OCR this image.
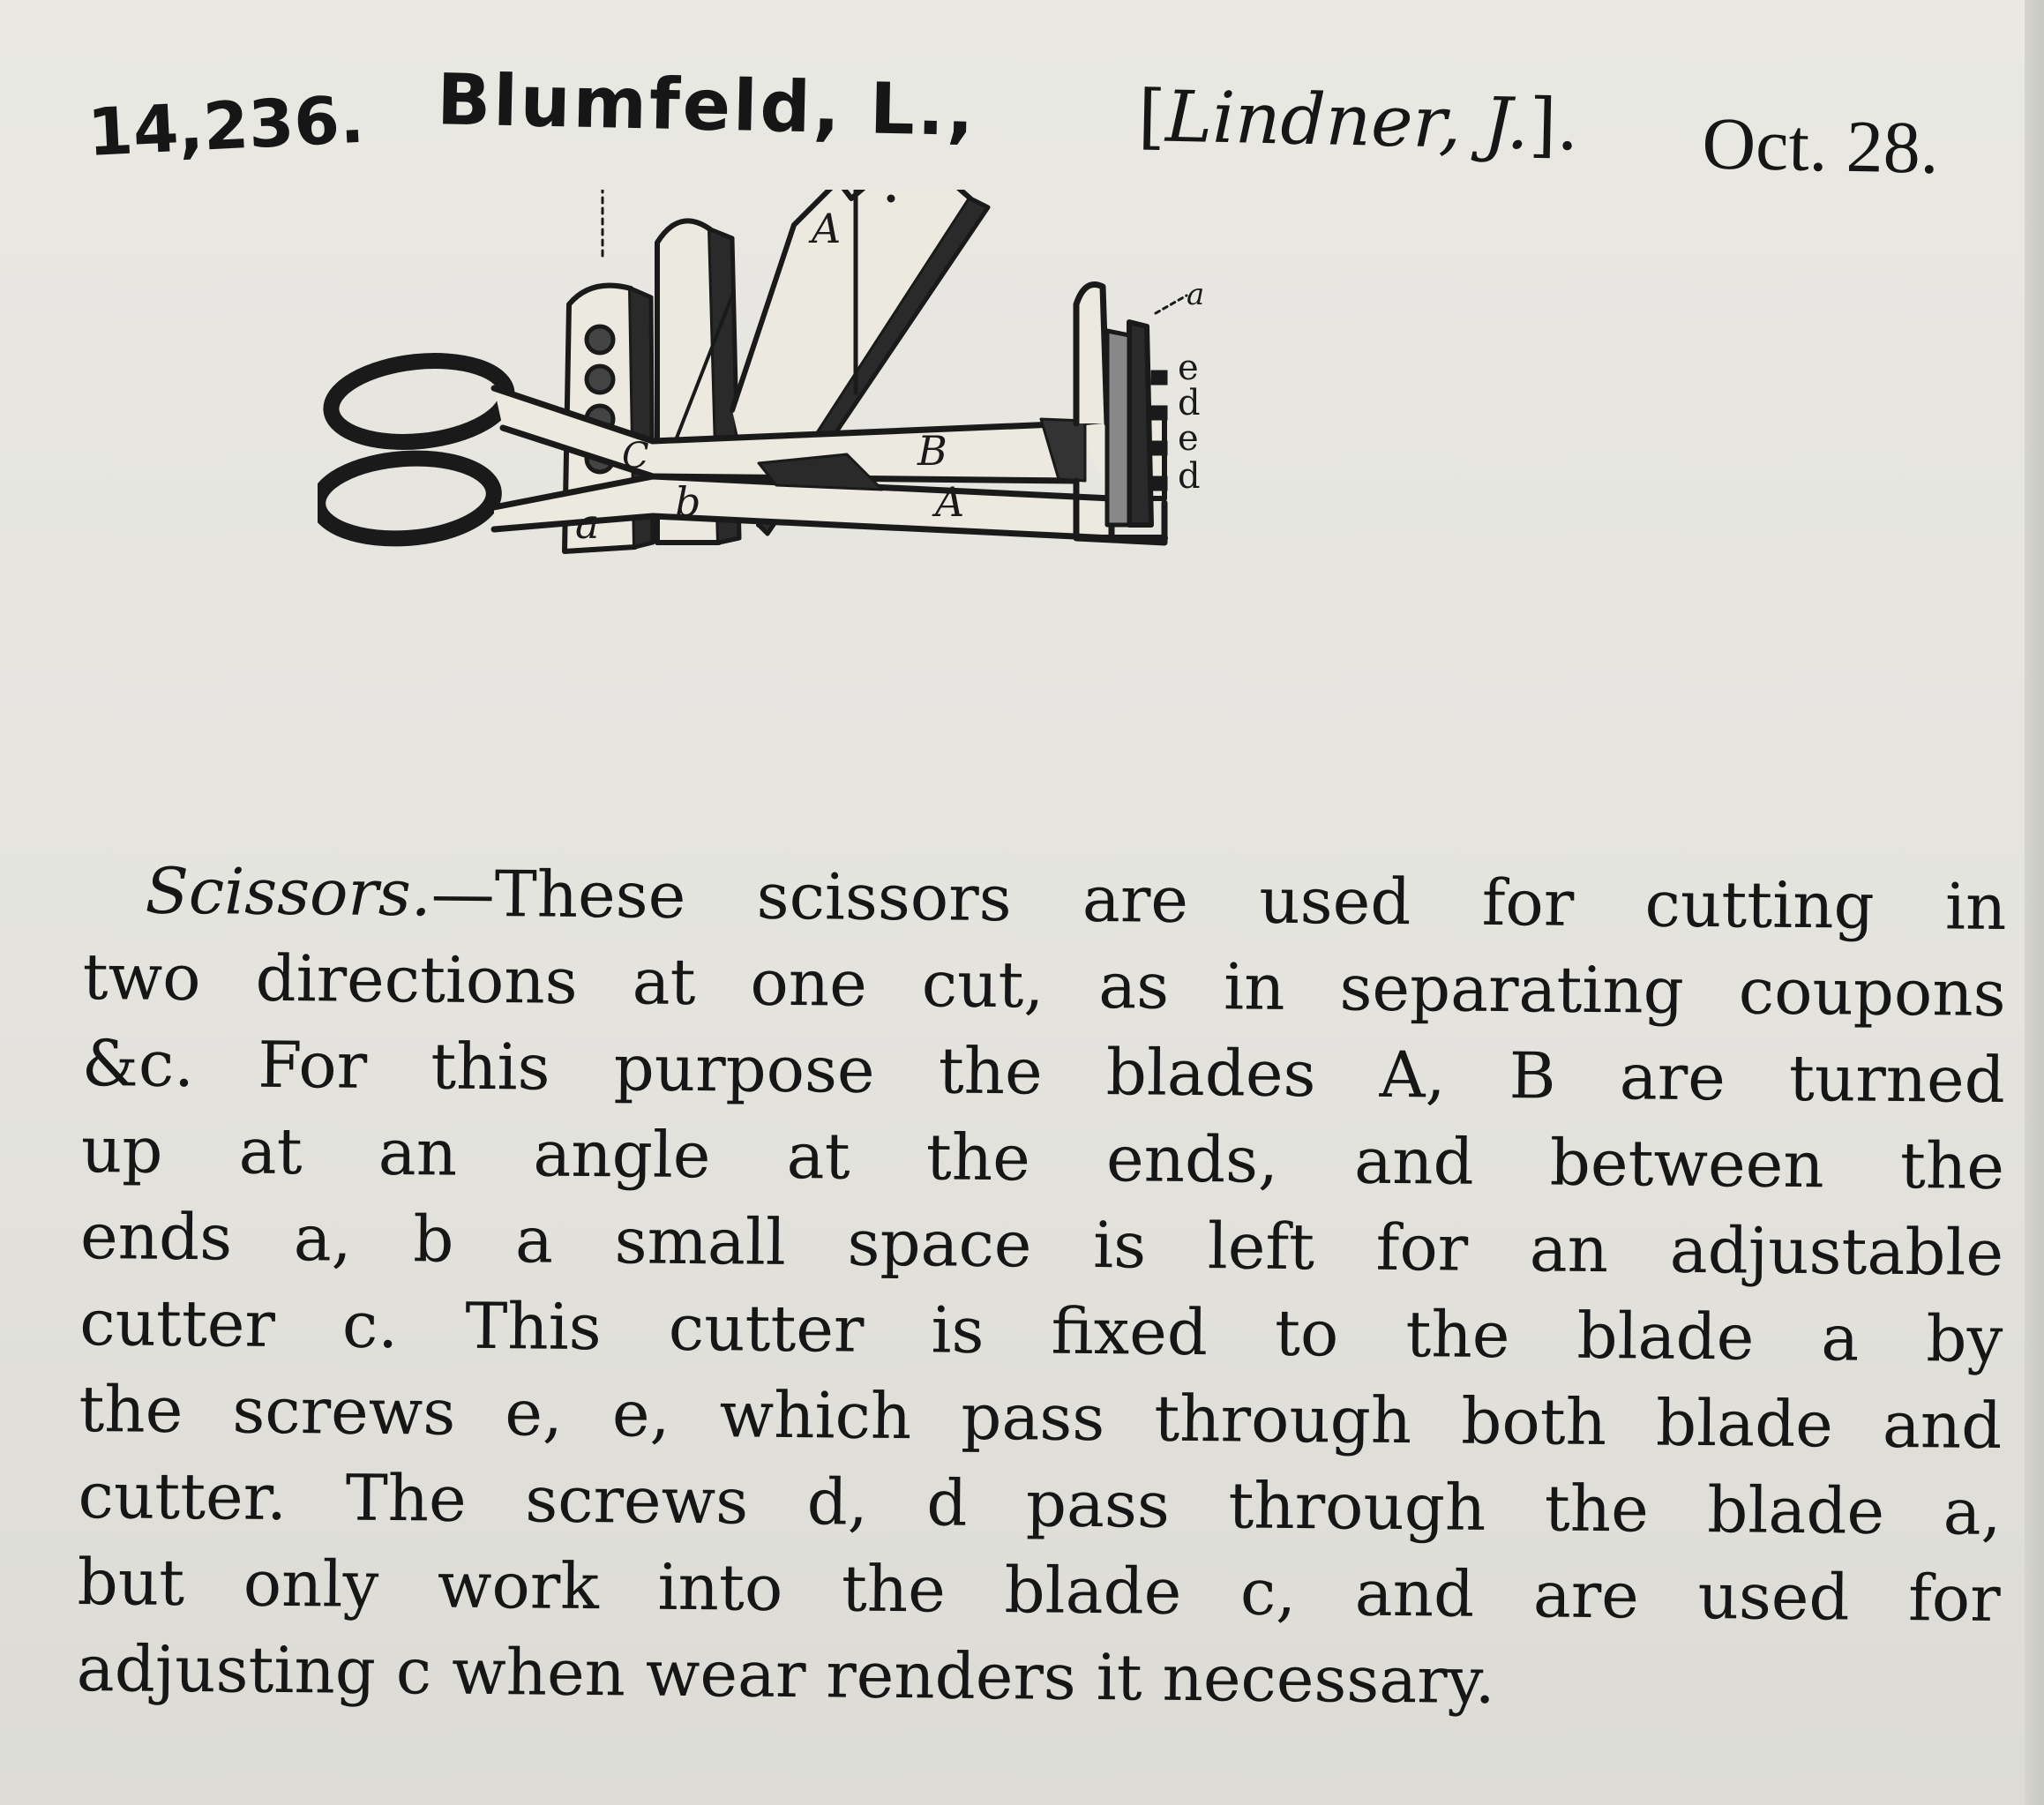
14,236. Blumfeld, L., [Lindner, J.]. Oct. 28.
A
a b
C	B
A
a
e
d
e
d
Scissors.—These scissors are used for cutting in
two directions at one cut, as in separating coupons
&c. For this purpose the blades A, B are turned
up at an angle at the ends, and between the
ends a, b a small space is left for an adjustable
cutter c. This cutter is fixed to the blade a by
the screws e, e, which pass through both blade and
cutter. The screws d, d pass through the blade a,
but only work into the blade c, and are used for
adjusting c when wear renders it necessary.
